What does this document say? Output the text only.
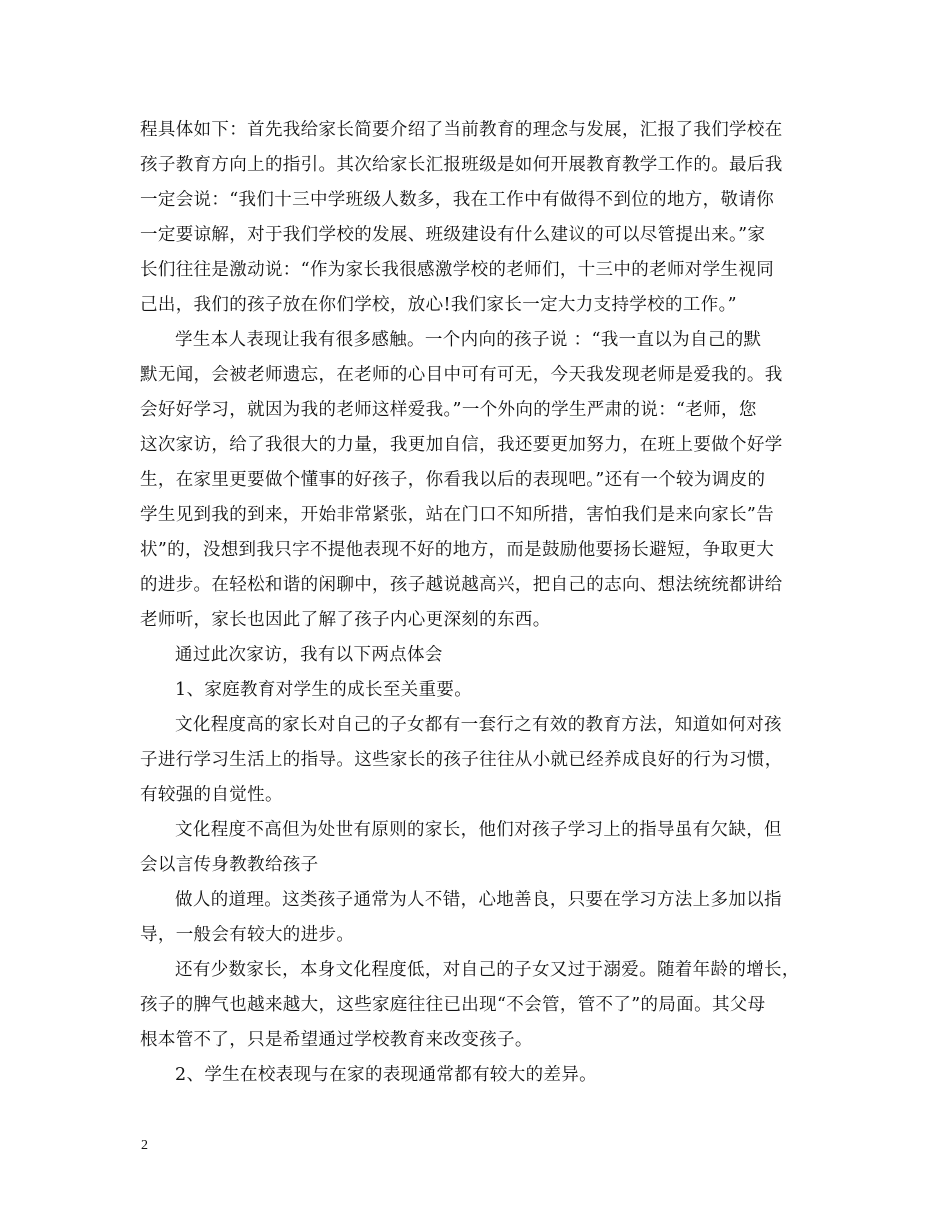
程具体如下：首先我给家长简要介绍了当前教育的理念与发展，汇报了我们学校在
孩子教育方向上的指引。其次给家长汇报班级是如何开展教育教学工作的。最后我
一定会说：“我们十三中学班级人数多，我在工作中有做得不到位的地方，敬请你
一定要谅解，对于我们学校的发展、班级建设有什么建议的可以尽管提出来。”家
长们往往是激动说：“作为家长我很感激学校的老师们，十三中的老师对学生视同
己出，我们的孩子放在你们学校，放心!我们家长一定大力支持学校的工作。”
学生本人表现让我有很多感触。一个内向的孩子说 ：“我一直以为自己的默
默无闻，会被老师遗忘，在老师的心目中可有可无，今天我发现老师是爱我的。我
会好好学习，就因为我的老师这样爱我。”一个外向的学生严肃的说：“老师，您
这次家访，给了我很大的力量，我更加自信，我还要更加努力，在班上要做个好学
生，在家里更要做个懂事的好孩子，你看我以后的表现吧。”还有一个较为调皮的
学生见到我的到来，开始非常紧张，站在门口不知所措，害怕我们是来向家长”告
状”的，没想到我只字不提他表现不好的地方，而是鼓励他要扬长避短，争取更大
的进步。在轻松和谐的闲聊中，孩子越说越高兴，把自己的志向、想法统统都讲给
老师听，家长也因此了解了孩子内心更深刻的东西。
通过此次家访，我有以下两点体会
1、家庭教育对学生的成长至关重要。
文化程度高的家长对自己的子女都有一套行之有效的教育方法，知道如何对孩
子进行学习生活上的指导。这些家长的孩子往往从小就已经养成良好的行为习惯，
有较强的自觉性。
文化程度不高但为处世有原则的家长，他们对孩子学习上的指导虽有欠缺，但
会以言传身教教给孩子
做人的道理。这类孩子通常为人不错，心地善良，只要在学习方法上多加以指
导，一般会有较大的进步。
还有少数家长，本身文化程度低，对自己的子女又过于溺爱。随着年龄的增长，
孩子的脾气也越来越大，这些家庭往往已出现“不会管，管不了”的局面。其父母
根本管不了，只是希望通过学校教育来改变孩子。
2、学生在校表现与在家的表现通常都有较大的差异。
2
